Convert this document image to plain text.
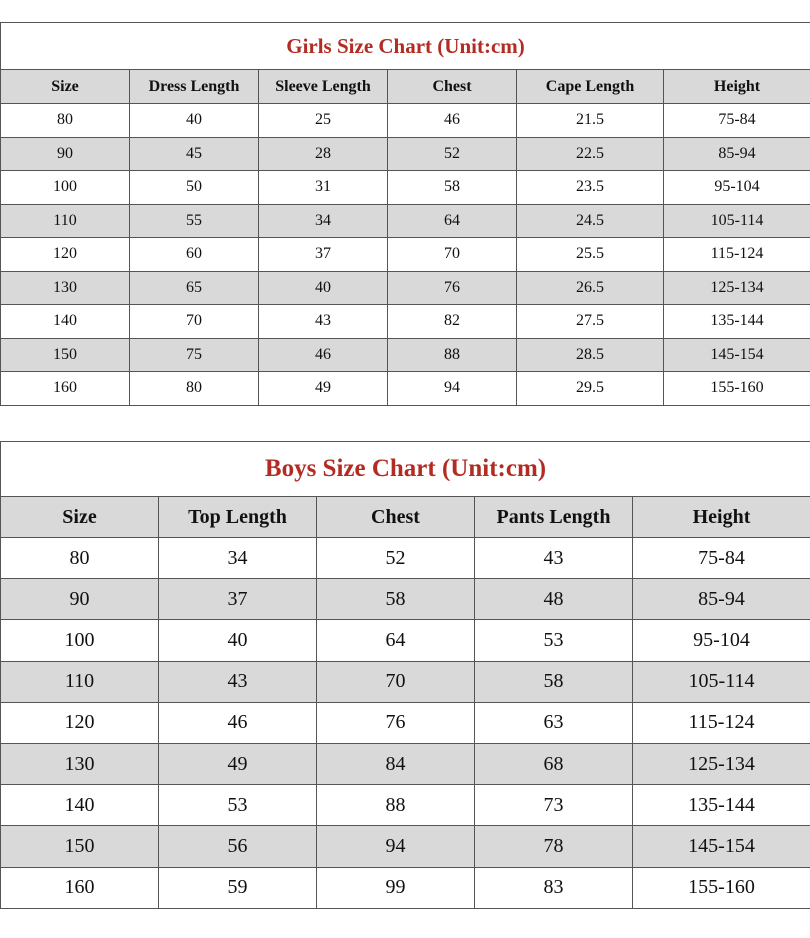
Girls Size Chart (Unit:cm)					
Size	Dress Length	Sleeve Length	Chest	Cape Length	Height
80	40	25	46	21.5	75-84
90	45	28	52	22.5	85-94
100	50	31	58	23.5	95-104
110	55	34	64	24.5	105-114
120	60	37	70	25.5	115-124
130	65	40	76	26.5	125-134
140	70	43	82	27.5	135-144
150	75	46	88	28.5	145-154
160	80	49	94	29.5	155-160
Boys Size Chart (Unit:cm)				
Size	Top Length	Chest	Pants Length	Height
80	34	52	43	75-84
90	37	58	48	85-94
100	40	64	53	95-104
110	43	70	58	105-114
120	46	76	63	115-124
130	49	84	68	125-134
140	53	88	73	135-144
150	56	94	78	145-154
160	59	99	83	155-160
